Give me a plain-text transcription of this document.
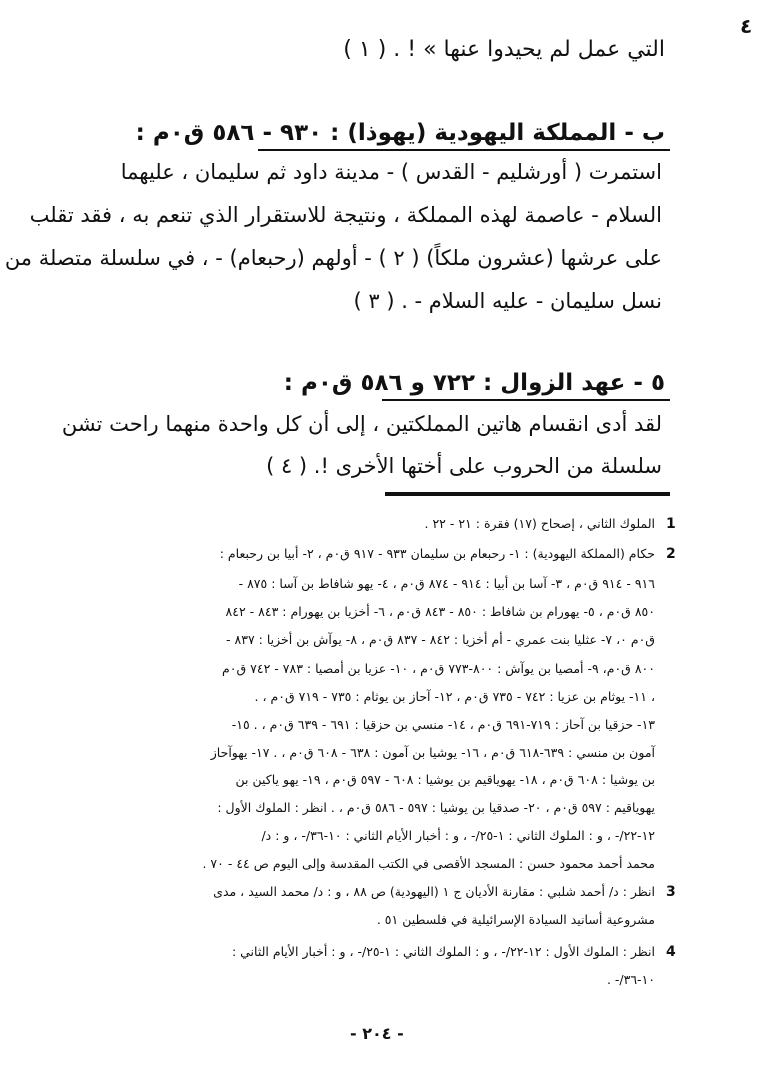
٤
التي عمل لم يحيدوا عنها » ! . ( ١ )
ب - المملكة اليهودية (يهوذا) : ٩٣٠ - ٥٨٦ ق٠م :
استمرت ( أورشليم - القدس ) - مدينة داود ثم سليمان ، عليهما
السلام - عاصمة لهذه المملكة ، ونتيجة للاستقرار الذي تنعم به ، فقد تقلب
على عرشها (عشرون ملكاً) ( ٢ ) - أولهم (رحبعام) - ، في سلسلة متصلة من
نسل سليمان - عليه السلام - . ( ٣ )
٥ - عهد الزوال : ٧٢٢ و ٥٨٦ ق٠م :
لقد أدى انقسام هاتين المملكتين ، إلى أن كل واحدة منهما راحت تشن
سلسلة من الحروب على أختها الأخرى !. ( ٤ )
1
الملوك الثاني ، إصحاح (١٧) فقرة : ٢١ - ٢٢ .
2
حكام (المملكة اليهودية) : ١- رحبعام بن سليمان ٩٣٣ - ٩١٧ ق٠م ، ٢- أبيا بن رحبعام :
٩١٦ - ٩١٤ ق٠م ، ٣- آسا بن أبيا : ٩١٤ - ٨٧٤ ق٠م ، ٤- يهو شافاط بن آسا : ٨٧٥ -
٨٥٠ ق٠م ، ٥- يهورام بن شافاط : ٨٥٠ - ٨٤٣ ق٠م ، ٦- أخزيا بن يهورام : ٨٤٣ - ٨٤٢
ق٠م ٠، ٧- عثليا بنت عمري - أم أخزيا : ٨٤٢ - ٨٣٧ ق٠م ، ٨- يوآش بن أخزيا : ٨٣٧ -
٨٠٠ ق٠م، ٩- أمصيا بن يوآش : ٨٠٠-٧٧٣ ق٠م ، ١٠- عزيا بن أمصيا : ٧٨٣ - ٧٤٢ ق٠م
، ١١- يوثام بن عزيا : ٧٤٢ - ٧٣٥ ق٠م ، ١٢- آحاز بن يوثام : ٧٣٥ - ٧١٩ ق٠م ، .
١٣- حزقيا بن آحاز : ٧١٩-٦٩١ ق٠م ، ١٤- منسي بن حزقيا : ٦٩١ - ٦٣٩ ق٠م ، . ١٥-
آمون بن منسي : ٦٣٩-٦١٨ ق٠م ، ١٦- يوشيا بن آمون : ٦٣٨ - ٦٠٨ ق٠م ، . ١٧- يهوآحاز
بن يوشيا : ٦٠٨ ق٠م ، ١٨- يهوياقيم بن يوشيا : ٦٠٨ - ٥٩٧ ق٠م ، ١٩- يهو ياكين بن
يهوياقيم : ٥٩٧ ق٠م ، ٢٠- صدقيا بن يوشيا : ٥٩٧ - ٥٨٦ ق٠م ، . انظر : الملوك الأول :
١٢-٢٢/- ، و : الملوك الثاني : ١-٢٥/- ، و : أخبار الأيام الثاني : ١٠-٣٦/- ، و : د/
محمد أحمد محمود حسن : المسجد الأقصى في الكتب المقدسة وإلى اليوم ص ٤٤ - ٧٠ .
3
انظر : د/ أحمد شلبي : مقارنة الأديان ج ١ (اليهودية) ص ٨٨ ، و : د/ محمد السيد ، مدى
مشروعية أسانيد السيادة الإسرائيلية في فلسطين ٥١ .
4
انظر : الملوك الأول : ١٢-٢٢/- ، و : الملوك الثاني : ١-٢٥/- ، و : أخبار الأيام الثاني :
١٠-٣٦/- .
- ٢٠٤ -
